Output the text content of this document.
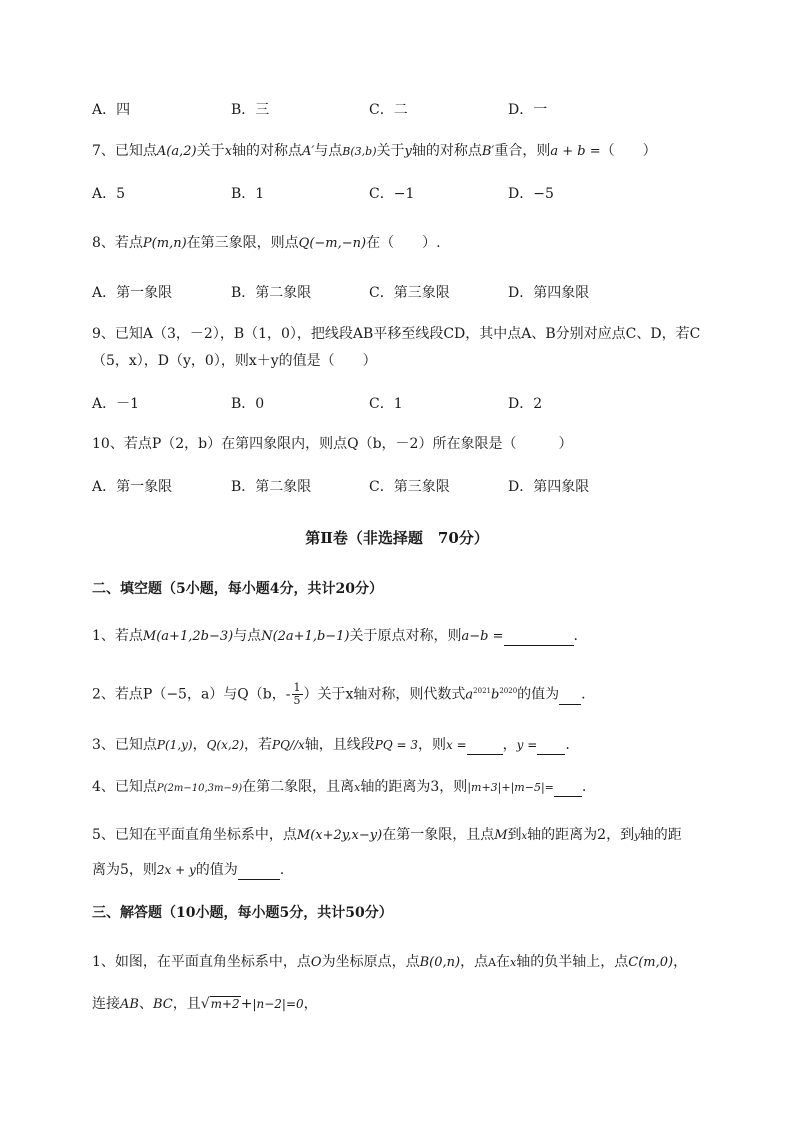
A．四	B．三	C．二	D．一
7、已知点A(a,2)关于x轴的对称点A′与点B(3,b)关于y轴的对称点B′重合，则a + b =（　　）
A．5	B．1	C．−1	D．−5
8、若点P(m,n)在第三象限，则点Q(−m,−n)在（　　）.
A．第一象限	B．第二象限	C．第三象限	D．第四象限
9、已知A（3，－2），B（1，0），把线段AB平移至线段CD，其中点A、B分别对应点C、D，若C
（5，x），D（y，0），则x＋y的值是（　　）
A．－1	B．0	C．1	D．2
10、若点P（2，b）在第四象限内，则点Q（b，－2）所在象限是（　　　）
A．第一象限	B．第二象限	C．第三象限	D．第四象限
第Ⅱ卷（非选择题　70分）
二、填空题（5小题，每小题4分，共计20分）
1、若点M(a+1,2b−3)与点N(2a+1,b−1)关于原点对称，则a−b =	.
2、若点P（−5，a）与Q（b，- $\frac{1}{5}$ ）关于x轴对称，则代数式$a^{2021}b^{2020}$的值为 .
3、已知点P(1,y)，Q(x,2)，若PQ//x轴，且线段PQ = 3，则x =	，y = .
4、已知点P(2m−10,3m−9)在第二象限，且离x轴的距离为3，则|m+3|+|m−5|= .
5、已知在平面直角坐标系中，点M(x+2y,x−y)在第一象限，且点M到x轴的距离为2，到y轴的距
离为5，则2x + y的值为	.
三、解答题（10小题，每小题5分，共计50分）
1、如图，在平面直角坐标系中，点O为坐标原点，点B(0,n)，点A在x轴的负半轴上，点C(m,0)，
连接AB、BC，且√m+2+|n−2|=0，
